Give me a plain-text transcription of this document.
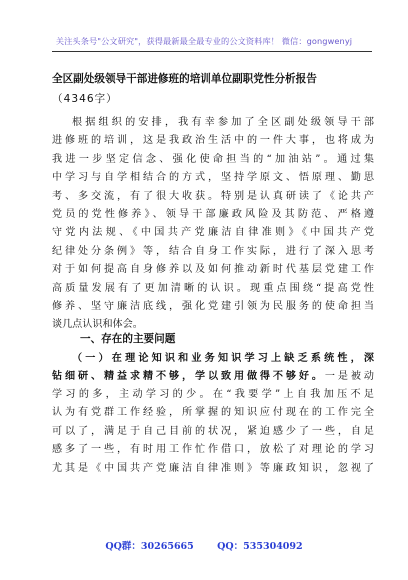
关注头条号"公文研究"，获得最新最全最专业的公文资料库！ 微信：gongwenyj
全区副处级领导干部进修班的培训单位副职党性分析报告
（4346字）
根据组织的安排，我有幸参加了全区副处级领导干部
进修班的培训，这是我政治生活中的一件大事，也将成为
我进一步坚定信念、强化使命担当的“加油站”。通过集
中学习与自学相结合的方式，坚持学原文、悟原理、勤思
考、多交流，有了很大收获。特别是认真研读了《论共产
党员的党性修养》、领导干部廉政风险及其防范、严格遵
守党内法规、《中国共产党廉洁自律准则》《中国共产党
纪律处分条例》等，结合自身工作实际，进行了深入思考
对于如何提高自身修养以及如何推动新时代基层党建工作
高质量发展有了更加清晰的认识。现重点围绕“提高党性
修养、坚守廉洁底线，强化党建引领为民服务的使命担当
谈几点认识和体会。
一、存在的主要问题
（一）在理论知识和业务知识学习上缺乏系统性，深
钻细研、精益求精不够，学以致用做得不够好。一是被动
学习的多，主动学习的少。在“我要学”上自我加压不足
认为有党群工作经验，所掌握的知识应付现在的工作完全
可以了，满足于自己目前的状况，紧迫感少了一些，自足
感多了一些，有时用工作忙作借口，放松了对理论的学习
尤其是《中国共产党廉洁自律准则》等廉政知识，忽视了
QQ群：30265665 QQ：535304092
